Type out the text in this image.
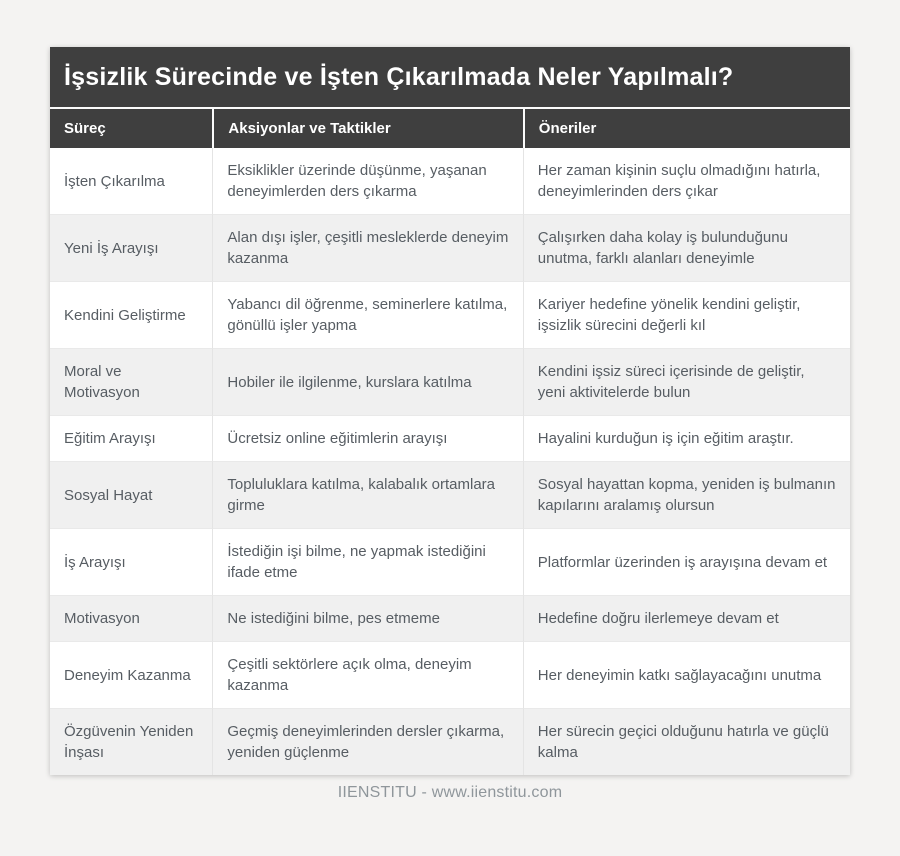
İşsizlik Sürecinde ve İşten Çıkarılmada Neler Yapılmalı?
Süreç	Aksiyonlar ve Taktikler	Öneriler
İşten Çıkarılma	Eksiklikler üzerinde düşünme, yaşanan deneyimlerden ders çıkarma	Her zaman kişinin suçlu olmadığını hatırla, deneyimlerinden ders çıkar
Yeni İş Arayışı	Alan dışı işler, çeşitli mesleklerde deneyim kazanma	Çalışırken daha kolay iş bulunduğunu unutma, farklı alanları deneyimle
Kendini Geliştirme	Yabancı dil öğrenme, seminerlere katılma, gönüllü işler yapma	Kariyer hedefine yönelik kendini geliştir, işsizlik sürecini değerli kıl
Moral ve Motivasyon	Hobiler ile ilgilenme, kurslara katılma	Kendini işsiz süreci içerisinde de geliştir, yeni aktivitelerde bulun
Eğitim Arayışı	Ücretsiz online eğitimlerin arayışı	Hayalini kurduğun iş için eğitim araştır.
Sosyal Hayat	Topluluklara katılma, kalabalık ortamlara girme	Sosyal hayattan kopma, yeniden iş bulmanın kapılarını aralamış olursun
İş Arayışı	İstediğin işi bilme, ne yapmak istediğini ifade etme	Platformlar üzerinden iş arayışına devam et
Motivasyon	Ne istediğini bilme, pes etmeme	Hedefine doğru ilerlemeye devam et
Deneyim Kazanma	Çeşitli sektörlere açık olma, deneyim kazanma	Her deneyimin katkı sağlayacağını unutma
Özgüvenin Yeniden İnşası	Geçmiş deneyimlerinden dersler çıkarma, yeniden güçlenme	Her sürecin geçici olduğunu hatırla ve güçlü kalma
IIENSTITU - www.iienstitu.com
